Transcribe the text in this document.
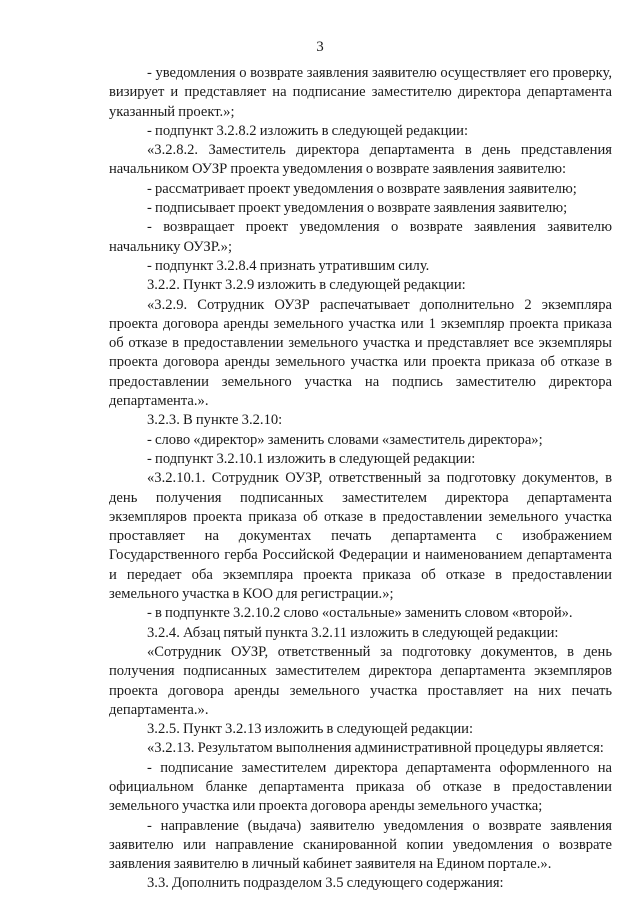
3

- уведомления о возврате заявления заявителю осуществляет его проверку, визирует и представляет на подписание заместителю директора департамента указанный проект.»;

- подпункт 3.2.8.2 изложить в следующей редакции:

«3.2.8.2. Заместитель директора департамента в день представления начальником ОУЗР проекта уведомления о возврате заявления заявителю:

- рассматривает проект уведомления о возврате заявления заявителю;

- подписывает проект уведомления о возврате заявления заявителю;

- возвращает проект уведомления о возврате заявления заявителю начальнику ОУЗР.»;

- подпункт 3.2.8.4 признать утратившим силу.

3.2.2. Пункт 3.2.9 изложить в следующей редакции:

«3.2.9. Сотрудник ОУЗР распечатывает дополнительно 2 экземпляра проекта договора аренды земельного участка или 1 экземпляр проекта приказа об отказе в предоставлении земельного участка и представляет все экземпляры проекта договора аренды земельного участка или проекта приказа об отказе в предоставлении земельного участка на подпись заместителю директора департамента.».

3.2.3. В пункте 3.2.10:

- слово «директор» заменить словами «заместитель директора»;

- подпункт 3.2.10.1 изложить в следующей редакции:

«3.2.10.1. Сотрудник ОУЗР, ответственный за подготовку документов, в день получения подписанных заместителем директора департамента экземпляров проекта приказа об отказе в предоставлении земельного участка проставляет на документах печать департамента с изображением Государственного герба Российской Федерации и наименованием департамента и передает оба экземпляра проекта приказа об отказе в предоставлении земельного участка в КОО для регистрации.»;

- в подпункте 3.2.10.2 слово «остальные» заменить словом «второй».

3.2.4. Абзац пятый пункта 3.2.11 изложить в следующей редакции:

«Сотрудник ОУЗР, ответственный за подготовку документов, в день получения подписанных заместителем директора департамента экземпляров проекта договора аренды земельного участка проставляет на них печать департамента.».

3.2.5. Пункт 3.2.13 изложить в следующей редакции:

«3.2.13. Результатом выполнения административной процедуры является:

- подписание заместителем директора департамента оформленного на официальном бланке департамента приказа об отказе в предоставлении земельного участка или проекта договора аренды земельного участка;

- направление (выдача) заявителю уведомления о возврате заявления заявителю или направление сканированной копии уведомления о возврате заявления заявителю в личный кабинет заявителя на Едином портале.».

3.3. Дополнить подразделом 3.5 следующего содержания:
